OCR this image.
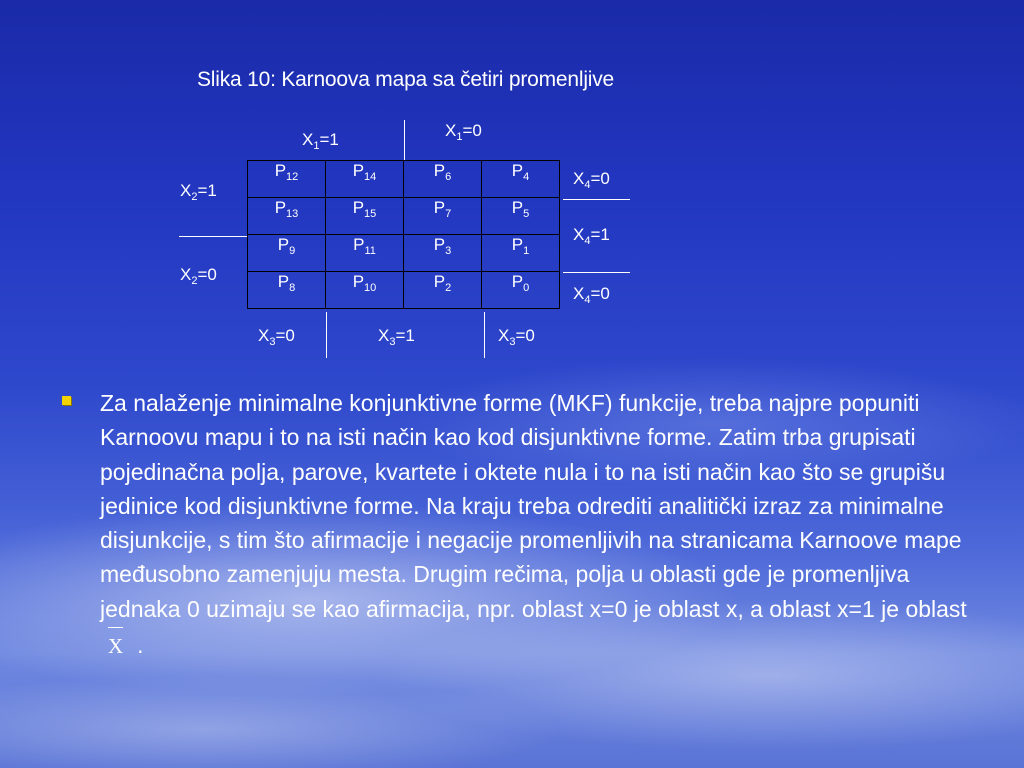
Slika 10: Karnoova mapa sa četiri promenljive
$X_1=1$	$X_1=0$
$X_2=1$
$X_2=0$
$X_4=0$
$X_4=1$
$X_4=0$
$P_{12}$	$P_{14}$	$P_6$	$P_4$
$P_{13}$	$P_{15}$	$P_7$	$P_5$
$P_9$	$P_{11}$	$P_3$	$P_1$
$P_8$	$P_{10}$	$P_2$	$P_0$
$X_3=0$	$X_3=1$	$X_3=0$
Za nalaženje minimalne konjunktivne forme (MKF) funkcije, treba najpre popuniti Karnoovu mapu i to na isti način kao kod disjunktivne forme. Zatim trba grupisati pojedinačna polja, parove, kvartete i oktete nula i to na isti način kao što se grupišu jedinice kod disjunktivne forme. Na kraju treba odrediti analitički izraz za minimalne disjunkcije, s tim što afirmacije i negacije promenljivih na stranicama Karnoove mape međusobno zamenjuju mesta. Drugim rečima, polja u oblasti gde je promenljiva jednaka 0 uzimaju se kao afirmacija, npr. oblast x=0 je oblast x, a oblast x=1 je oblastX .
